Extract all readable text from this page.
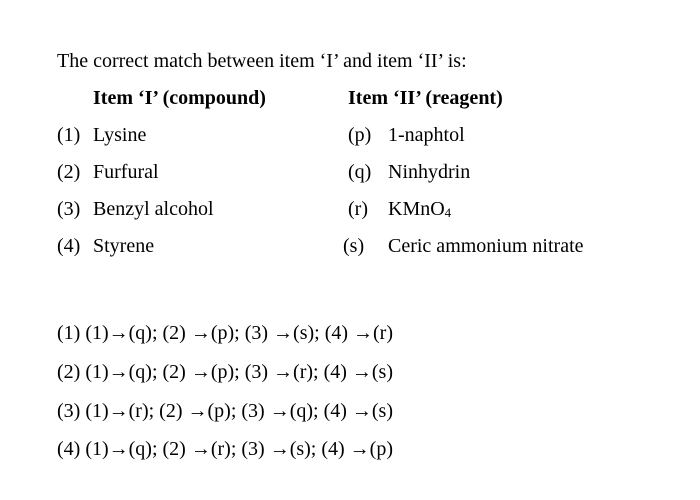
The correct match between item ‘I’ and item ‘II’ is:
Item ‘I’ (compound)	Item ‘II’ (reagent)
(1) Lysine
(2) Furfural
(3) Benzyl alcohol
(4) Styrene
(p) 1-naphtol
(q) Ninhydrin
(r) KMnO$_4$
(s) Ceric ammonium nitrate
(1) (1)→(q); (2) →(p); (3) →(s); (4) →(r)
(2) (1)→(q); (2) →(p); (3) →(r); (4) →(s)
(3) (1)→(r); (2) →(p); (3) →(q); (4) →(s)
(4) (1)→(q); (2) →(r); (3) →(s); (4) →(p)
